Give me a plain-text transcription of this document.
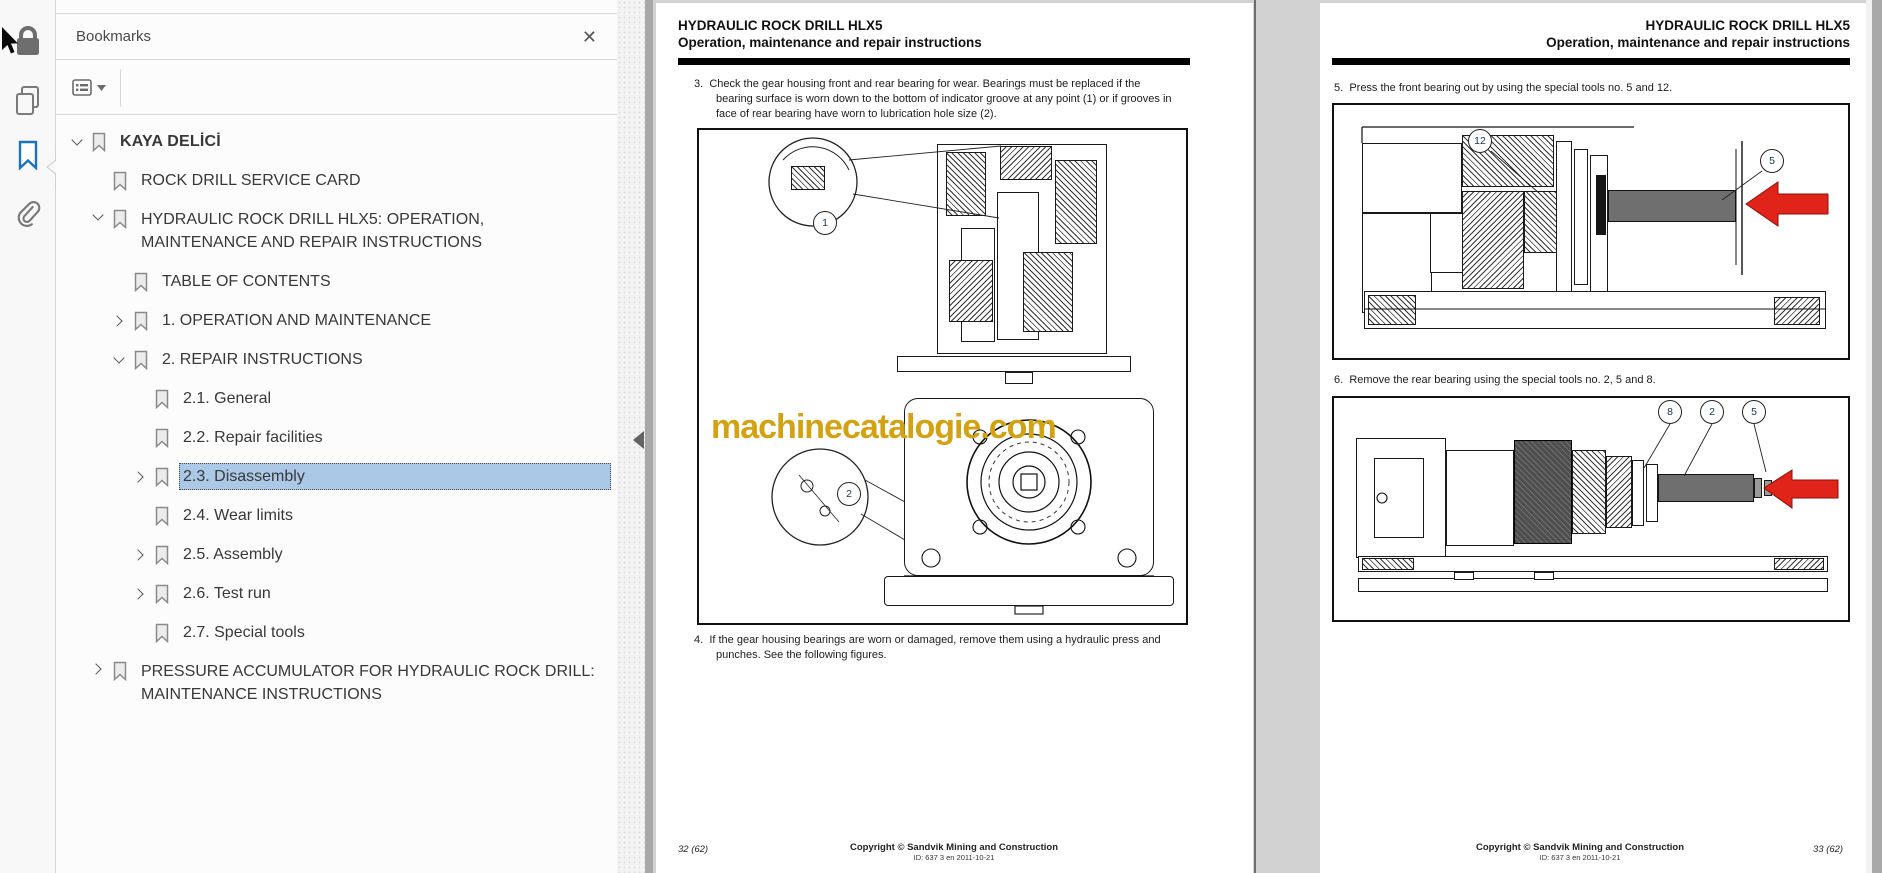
Bookmarks	✕
KAYA DELİCİ
ROCK DRILL SERVICE CARD
HYDRAULIC ROCK DRILL HLX5: OPERATION,
MAINTENANCE AND REPAIR INSTRUCTIONS
TABLE OF CONTENTS
1. OPERATION AND MAINTENANCE
2. REPAIR INSTRUCTIONS
2.1. General
2.2. Repair facilities
2.3. Disassembly
2.4. Wear limits
2.5. Assembly
2.6. Test run
2.7. Special tools
PRESSURE ACCUMULATOR FOR HYDRAULIC ROCK DRILL:
MAINTENANCE INSTRUCTIONS
HYDRAULIC ROCK DRILL HLX5
Operation, maintenance and repair instructions

3. Check the gear housing front and rear bearing for wear. Bearings must be replaced if the bearing surface is worn down to the bottom of indicator groove at any point (1) or if grooves in face of rear bearing have worn to lubrication hole size (2).

1
2
machinecatalogie.com

4. If the gear housing bearings are worn or damaged, remove them using a hydraulic press and punches. See the following figures.

32 (62)	Copyright © Sandvik Mining and Construction
ID: 637 3 en 2011-10-21
HYDRAULIC ROCK DRILL HLX5
Operation, maintenance and repair instructions

5. Press the front bearing out by using the special tools no. 5 and 12.

12
5

6. Remove the rear bearing using the special tools no. 2, 5 and 8.

8	2	5
Copyright © Sandvik Mining and Construction
ID: 637 3 en 2011-10-21
33 (62)
